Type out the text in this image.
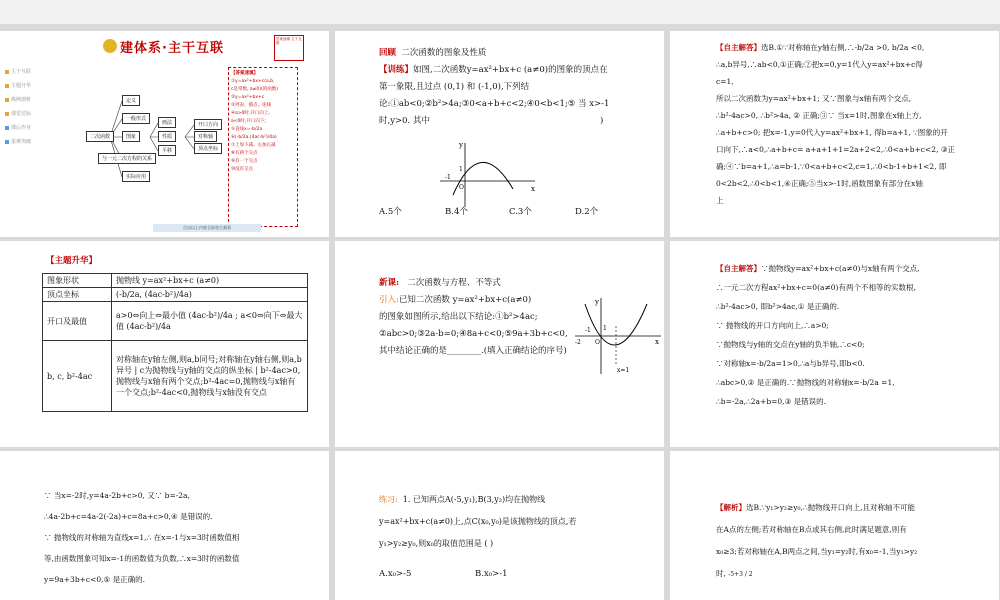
建体系·主干互联
答案速填 主干互联
主干互联
主题升华
典例剖析
课堂达标
课后作业
重难突破
二次函数
定义
一般形式
图象
与一元二次方程的关系
实际应用
画法
性质
平移
开口方向
对称轴
顶点坐标
【答案速填】
①y=ax²+bx+c(a,b,
c是常数, a≠0)(的函数)
②y=ax²+bx+c
③列表、描点、连线
④a>0时,开口向上,
a<0时,开口向下;
⑤直线x=-b/2a
⑥(-b/2a,(4ac-b²)/4a)
⑦上加下减、左加右减
⑧有两个交点
⑨有一个交点
⑩没有交点
点击以上内容全屏放大观看
回顾 二次函数的图象及性质
【训练】如图,二次函数y=ax²+bx+c (a≠0)的图象的顶点在
第一象限,且过点 (0,1) 和 (-1,0),下列结
论:①ab<0;②b²>4a;③0<a+b+c<2;④0<b<1;⑤ 当 x>-1
时,y>0. 其中	)
y
x
O
1
-1
A.5个	B.4个	C.3个	D.2个
【自主解答】选B.①∵对称轴在y轴右侧,∴-b/2a >0, b/2a <0,
∴a,b异号,∴ab<0,①正确;②把x=0,y=1代入y=ax²+bx+c得
c=1,
所以二次函数为y=ax²+bx+1; 又∵图象与x轴有两个交点,
∴b²-4ac>0, ∴b²>4a, ② 正确;③∵ 当x=1时,图象在x轴上方,
∴a+b+c>0; 把x=-1,y=0代入y=ax²+bx+1, 得b=a+1, ∵图象的开
口向下,∴a<0,∴a+b+c= a+a+1+1=2a+2<2,∴0<a+b+c<2, ③正
确;④∵b=a+1,∴a=b-1,∵0<a+b+c<2,c=1,∴0<b-1+b+1<2, 即
0<2b<2,∴0<b<1,④正确;⑤当x>-1时,函数图象有部分在x轴
上
【主题升华】
图象形状	抛物线 y=ax²+bx+c (a≠0)
顶点坐标	(-b/2a, (4ac-b²)/4a)
开口及最值	a>0⇔向上⇔最小值 (4ac-b²)/4a ; a<0⇔向下⇔最大值 (4ac-b²)/4a
b, c, b²-4ac	对称轴在y轴左侧,则a,b同号;对称轴在y轴右侧,则a,b异号 | c为抛物线与y轴的交点的纵坐标 | b²-4ac>0,抛物线与x轴有两个交点;b²-4ac=0,抛物线与x轴有一个交点;b²-4ac<0,抛物线与x轴没有交点
新课: 二次函数与方程、不等式
引入:已知二次函数 y=ax²+bx+c(a≠0)
的图象如图所示,给出以下结论:①b²>4ac;
②abc>0;③2a-b=0;④8a+c<0;⑤9a+3b+c<0,
其中结论正确的是________.(填入正确结论的序号)
y
x
O
-2
-1 1
x=1
【自主解答】∵抛物线y=ax²+bx+c(a≠0)与x轴有两个交点,
∴一元二次方程ax²+bx+c=0(a≠0)有两个不相等的实数根,
∴b²-4ac>0, 即b²>4ac,① 是正确的.
∵ 抛物线的开口方向向上,∴a>0;
∵抛物线与y轴的交点在y轴的负半轴,∴c<0;
∵对称轴x=-b/2a=1>0,∴a与b异号,即b<0.
∴abc>0,② 是正确的.∵抛物线的对称轴x=-b/2a =1,
∴b=-2a,∴2a+b=0,③ 是错误的.
∵ 当x=-2时,y=4a-2b+c>0, 又∵ b=-2a,
∴4a-2b+c=4a-2(-2a)+c=8a+c>0,④ 是错误的.
∵ 抛物线的对称轴为直线x=1,∴ 在x=-1与x=3时函数值相
等,由函数图象可知x=-1的函数值为负数,∴x=3时的函数值
y=9a+3b+c<0,⑤ 是正确的.
练习: 1. 已知两点A(-5,y₁),B(3,y₂)均在抛物线
y=ax²+bx+c(a≠0)上,点C(x₀,y₀)是该抛物线的顶点,若
y₁>y₂≥y₀,则x₀的取值范围是 ( )
A.x₀>-5	B.x₀>-1
【解析】选B.∵y₁>y₂≥y₀,∴抛物线开口向上,且对称轴不可能
在A点的左侧;若对称轴在B点或其右侧,此时满足题意,则有
x₀≥3;若对称轴在A,B两点之间,当y₁=y₂时,有x₀=-1,当y₁>y₂
时, -5+3 / 2
